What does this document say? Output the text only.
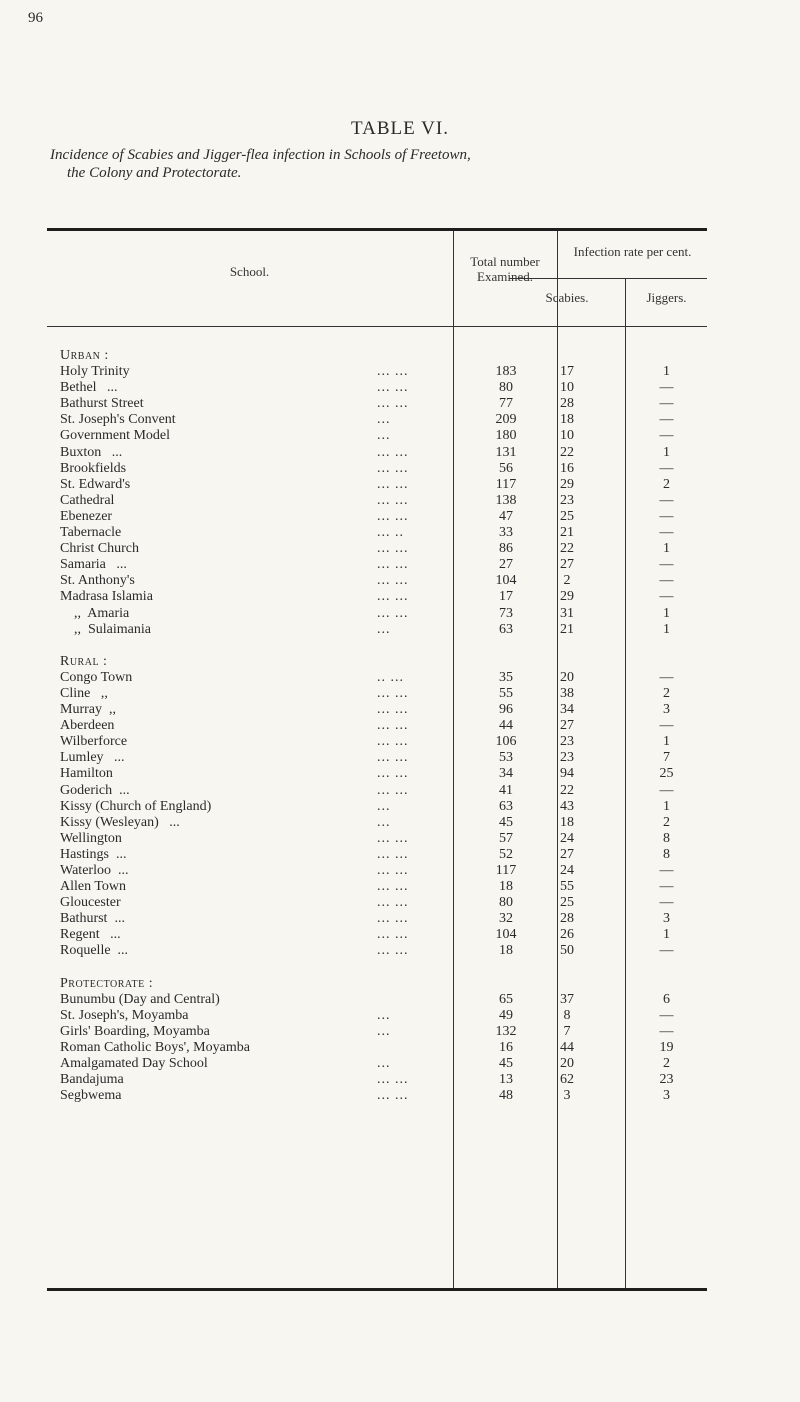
96
TABLE VI.
Incidence of Scabies and Jigger-flea infection in Schools of Freetown,
the Colony and Protectorate.
School.
Total number Examined.
Infection rate per cent.
Scabies.	Jiggers.
Urban :
Holy Trinity	... ...	183	17	1
Bethel   ...	... ...	80	10	—
Bathurst Street	... ...	77	28	—
St. Joseph's Convent	...	209	18	—
Government Model	...	180	10	—
Buxton   ...	... ...	131	22	1
Brookfields	... ...	56	16	—
St. Edward's	... ...	117	29	2
Cathedral	... ...	138	23	—
Ebenezer	... ...	47	25	—
Tabernacle	... ..	33	21	—
Christ Church	... ...	86	22	1
Samaria   ...	... ...	27	27	—
St. Anthony's	... ...	104	2	—
Madrasa Islamia	... ...	17	29	—
,,  Amaria	... ...	73	31	1
,,  Sulaimania	...	63	21	1
Rural :
Congo Town	.. ...	35	20	—
Cline   ,,	... ...	55	38	2
Murray  ,,	... ...	96	34	3
Aberdeen	... ...	44	27	—
Wilberforce	... ...	106	23	1
Lumley   ...	... ...	53	23	7
Hamilton	... ...	34	94	25
Goderich  ...	... ...	41	22	—
Kissy (Church of England)	...	63	43	1
Kissy (Wesleyan)   ...	...	45	18	2
Wellington	... ...	57	24	8
Hastings  ...	... ...	52	27	8
Waterloo  ...	... ...	117	24	—
Allen Town	... ...	18	55	—
Gloucester	... ...	80	25	—
Bathurst  ...	... ...	32	28	3
Regent   ...	... ...	104	26	1
Roquelle  ...	... ...	18	50	—
Protectorate :
Bunumbu (Day and Central)	65	37	6
St. Joseph's, Moyamba	...	49	8	—
Girls' Boarding, Moyamba	...	132	7	—
Roman Catholic Boys', Moyamba	16	44	19
Amalgamated Day School	...	45	20	2
Bandajuma	... ...	13	62	23
Segbwema	... ...	48	3	3
